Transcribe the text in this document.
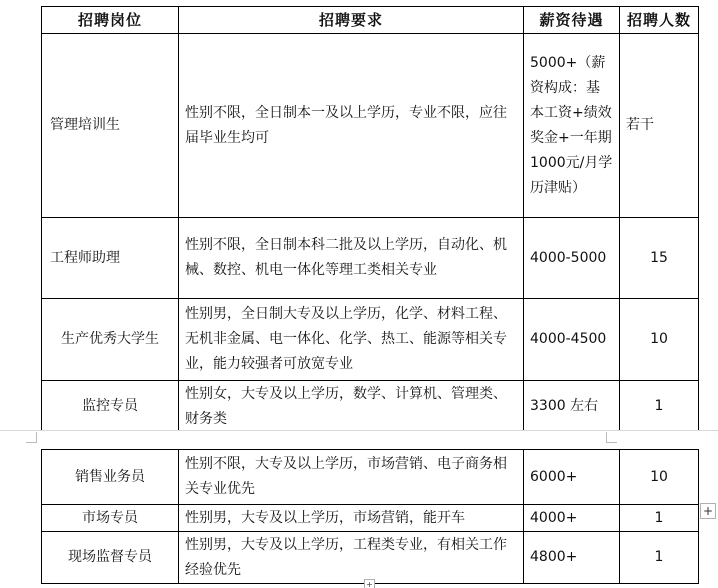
招聘岗位	招聘要求	薪资待遇	招聘人数
管理培训生	性别不限，全日制本一及以上学历，专业不限，应往届毕业生均可	5000+（薪资构成：基本工资+绩效奖金+一年期1000元/月学历津贴）	若干
工程师助理	性别不限，全日制本科二批及以上学历，自动化、机械、数控、机电一体化等理工类相关专业	4000-5000	15
生产优秀大学生	性别男，全日制大专及以上学历，化学、材料工程、无机非金属、电一体化、化学、热工、能源等相关专业，能力较强者可放宽专业	4000-4500	10
监控专员	性别女，大专及以上学历，数学、计算机、管理类、财务类	3300 左右	1
销售业务员	性别不限，大专及以上学历，市场营销、电子商务相关专业优先	6000+	10
市场专员	性别男，大专及以上学历，市场营销，能开车	4000+	1
现场监督专员	性别男，大专及以上学历，工程类专业，有相关工作经验优先	4800+	1
+
+
